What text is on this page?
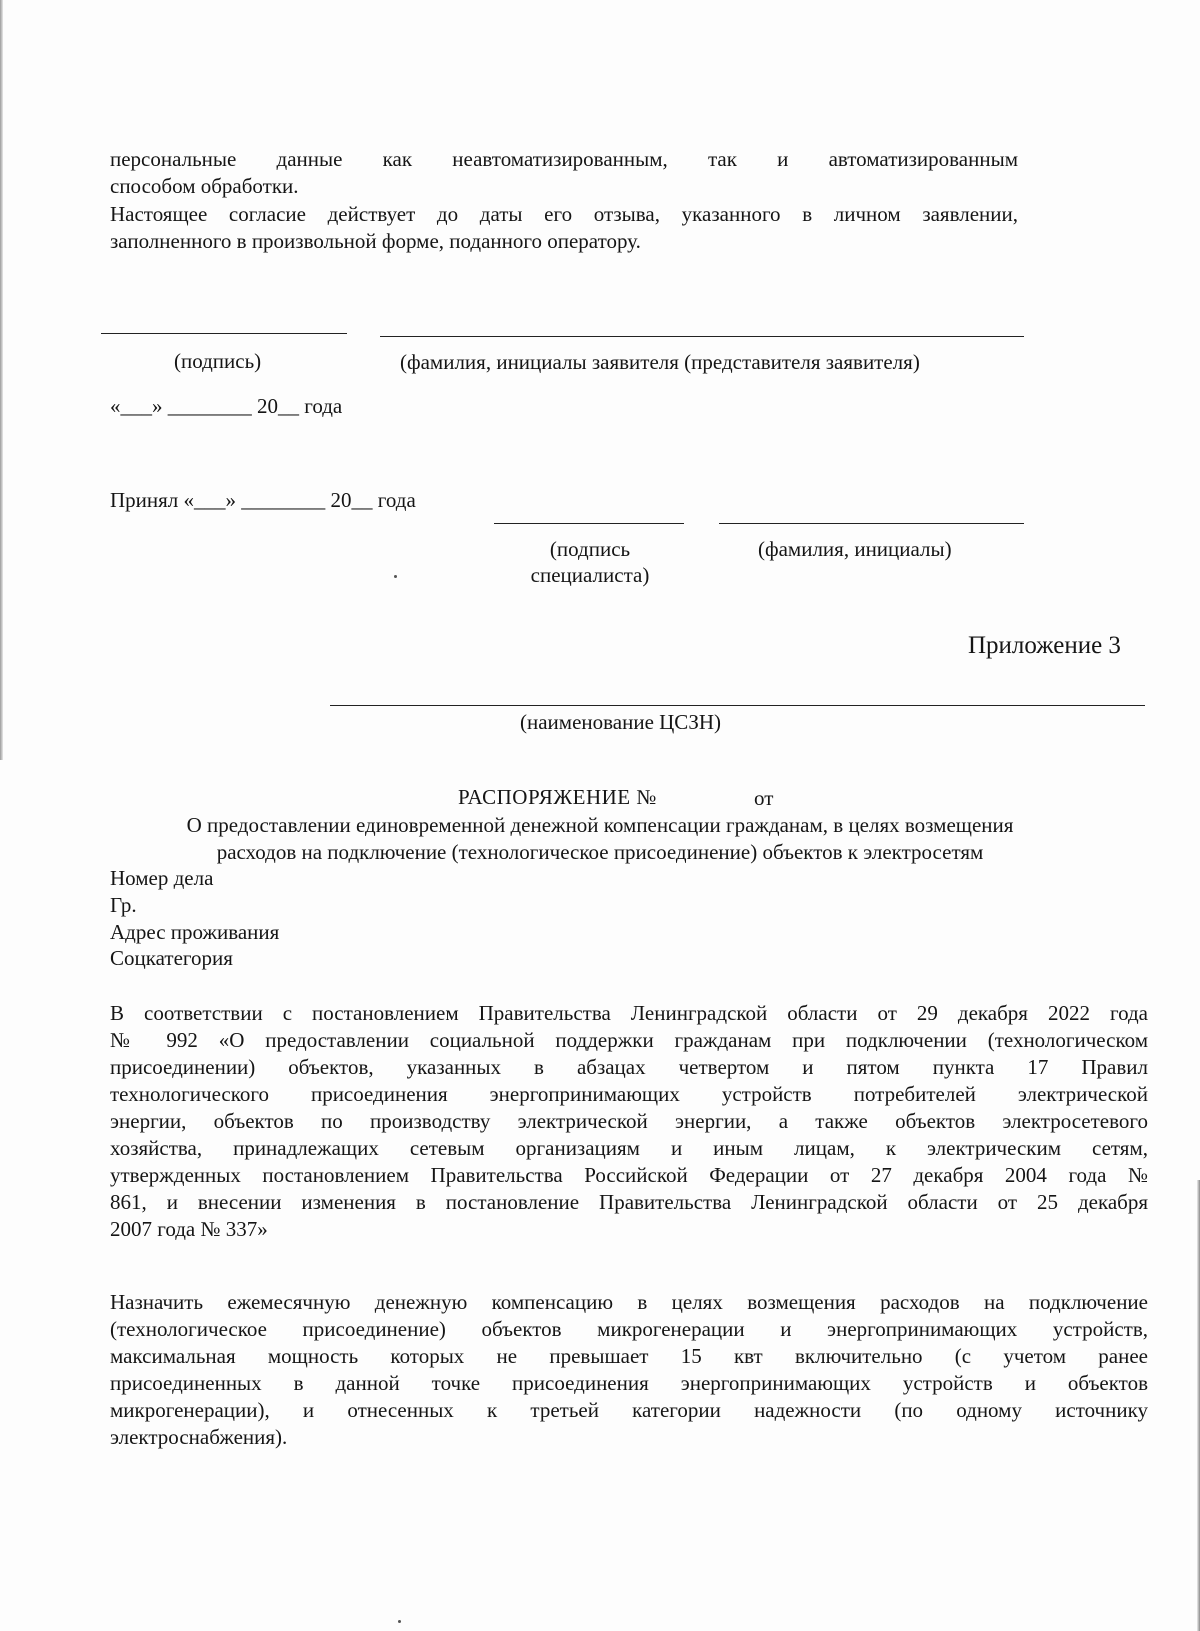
персональные данные как неавтоматизированным, так и автоматизированным
способом обработки.
Настоящее согласие действует до даты его отзыва, указанного в личном заявлении,
заполненного в произвольной форме, поданного оператору.
(подпись)	(фамилия, инициалы заявителя (представителя заявителя)
«___» ________ 20__ года
Принял «___» ________ 20__ года
(подпись
специалиста)
(фамилия, инициалы)
Приложение 3
(наименование ЦСЗН)
РАСПОРЯЖЕНИЕ №	от
О предоставлении единовременной денежной компенсации гражданам, в целях возмещения
расходов на подключение (технологическое присоединение) объектов к электросетям
Номер дела
Гр.
Адрес проживания
Соцкатегория
В соответствии с постановлением Правительства Ленинградской области от 29 декабря 2022 года
№ 992 «О предоставлении социальной поддержки гражданам при подключении (технологическом
присоединении) объектов, указанных в абзацах четвертом и пятом пункта 17 Правил
технологического присоединения энергопринимающих устройств потребителей электрической
энергии, объектов по производству электрической энергии, а также объектов электросетевого
хозяйства, принадлежащих сетевым организациям и иным лицам, к электрическим сетям,
утвержденных постановлением Правительства Российской Федерации от 27 декабря 2004 года №
861, и внесении изменения в постановление Правительства Ленинградской области от 25 декабря
2007 года № 337»
Назначить ежемесячную денежную компенсацию в целях возмещения расходов на подключение
(технологическое присоединение) объектов микрогенерации и энергопринимающих устройств,
максимальная мощность которых не превышает 15 квт включительно (с учетом ранее
присоединенных в данной точке присоединения энергопринимающих устройств и объектов
микрогенерации), и отнесенных к третьей категории надежности (по одному источнику
электроснабжения).
